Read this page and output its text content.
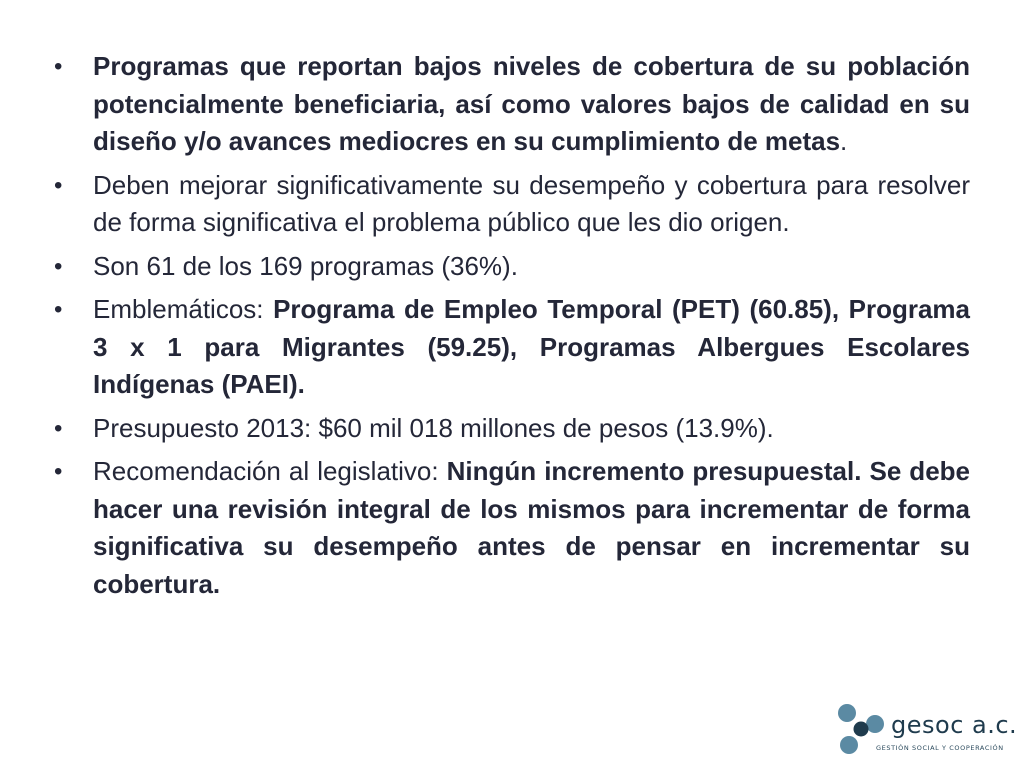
•	Programas que reportan bajos niveles de cobertura de su población potencialmente beneficiaria, así como valores bajos de calidad en su diseño y/o avances mediocres en su cumplimiento de metas.
•	Deben mejorar significativamente su desempeño y cobertura para resolver de forma significativa el problema público que les dio origen.
•	Son 61 de los 169 programas (36%).
•	Emblemáticos: Programa de Empleo Temporal (PET) (60.85), Programa 3 x 1 para Migrantes (59.25), Programas Albergues Escolares Indígenas (PAEI).
•	Presupuesto 2013: $60 mil 018 millones de pesos (13.9%).
•	Recomendación al legislativo: Ningún incremento presupuestal. Se debe hacer una revisión integral de los mismos para incrementar de forma significativa su desempeño antes de pensar en incrementar su cobertura.
gesoc a.c.
GESTIÓN SOCIAL Y COOPERACIÓN
